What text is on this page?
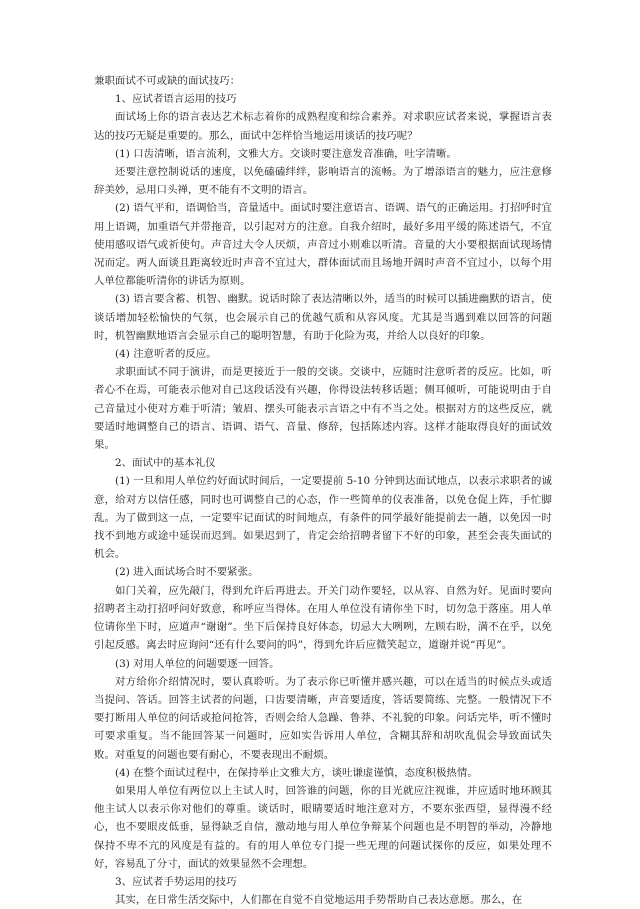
兼职面试不可或缺的面试技巧：

1、应试者语言运用的技巧

面试场上你的语言表达艺术标志着你的成熟程度和综合素养。对求职应试者来说，掌握语言表达的技巧无疑是重要的。那么，面试中怎样恰当地运用谈话的技巧呢？

(1) 口齿清晰，语言流利，文雅大方。交谈时要注意发音准确，吐字清晰。

还要注意控制说话的速度，以免磕磕绊绊，影响语言的流畅。为了增添语言的魅力，应注意修辞美妙，忌用口头禅，更不能有不文明的语言。

(2) 语气平和，语调恰当，音量适中。面试时要注意语言、语调、语气的正确运用。打招呼时宜用上语调，加重语气并带拖音，以引起对方的注意。自我介绍时，最好多用平缓的陈述语气，不宜使用感叹语气或祈使句。声音过大令人厌烦，声音过小则难以听清。音量的大小要根据面试现场情况而定。两人面谈且距离较近时声音不宜过大，群体面试而且场地开阔时声音不宜过小，以每个用人单位都能听清你的讲话为原则。

(3) 语言要含蓄、机智、幽默。说话时除了表达清晰以外，适当的时候可以插进幽默的语言，使谈话增加轻松愉快的气氛，也会展示自己的优越气质和从容风度。尤其是当遇到难以回答的问题时，机智幽默地语言会显示自己的聪明智慧，有助于化险为夷，并给人以良好的印象。

(4) 注意听者的反应。

求职面试不同于演讲，而是更接近于一般的交谈。交谈中，应随时注意听者的反应。比如，听者心不在焉，可能表示他对自己这段话没有兴趣，你得设法转移话题；侧耳倾听，可能说明由于自己音量过小使对方难于听清；皱眉、摆头可能表示言语之中有不当之处。根据对方的这些反应，就要适时地调整自己的语言、语调、语气、音量、修辞，包括陈述内容。这样才能取得良好的面试效果。

2、面试中的基本礼仪

(1) 一旦和用人单位约好面试时间后，一定要提前 5-10 分钟到达面试地点，以表示求职者的诚意，给对方以信任感，同时也可调整自己的心态，作一些简单的仪表准备，以免仓促上阵，手忙脚乱。为了做到这一点，一定要牢记面试的时间地点，有条件的同学最好能提前去一趟，以免因一时找不到地方或途中延误而迟到。如果迟到了，肯定会给招聘者留下不好的印象，甚至会丧失面试的机会。

(2) 进入面试场合时不要紧张。

如门关着，应先敲门，得到允许后再进去。开关门动作要轻，以从容、自然为好。见面时要向招聘者主动打招呼问好致意，称呼应当得体。在用人单位没有请你坐下时，切勿急于落座。用人单位请你坐下时，应道声“谢谢”。坐下后保持良好体态，切忌大大咧咧，左顾右盼，满不在乎，以免引起反感。离去时应询问“还有什么要问的吗”，得到允许后应微笑起立，道谢并说“再见”。

(3) 对用人单位的问题要逐一回答。

对方给你介绍情况时，要认真聆听。为了表示你已听懂并感兴趣，可以在适当的时候点头或适当提问、答话。回答主试者的问题，口齿要清晰，声音要适度，答话要简练、完整。一般情况下不要打断用人单位的问话或抢问抢答，否则会给人急躁、鲁莽、不礼貌的印象。问话完毕，听不懂时可要求重复。当不能回答某一问题时，应如实告诉用人单位，含糊其辞和胡吹乱侃会导致面试失败。对重复的问题也要有耐心，不要表现出不耐烦。

(4) 在整个面试过程中，在保持举止文雅大方，谈吐谦虚谨慎，态度积极热情。

如果用人单位有两位以上主试人时，回答谁的问题，你的目光就应注视谁，并应适时地环顾其他主试人以表示你对他们的尊重。谈话时，眼睛要适时地注意对方，不要东张西望，显得漫不经心，也不要眼皮低垂，显得缺乏自信，激动地与用人单位争辩某个问题也是不明智的举动，冷静地保持不卑不亢的风度是有益的。有的用人单位专门提一些无理的问题试探你的反应，如果处理不好，容易乱了分寸，面试的效果显然不会理想。

3、应试者手势运用的技巧

其实，在日常生活交际中，人们都在自觉不自觉地运用手势帮助自己表达意愿。那么，在
